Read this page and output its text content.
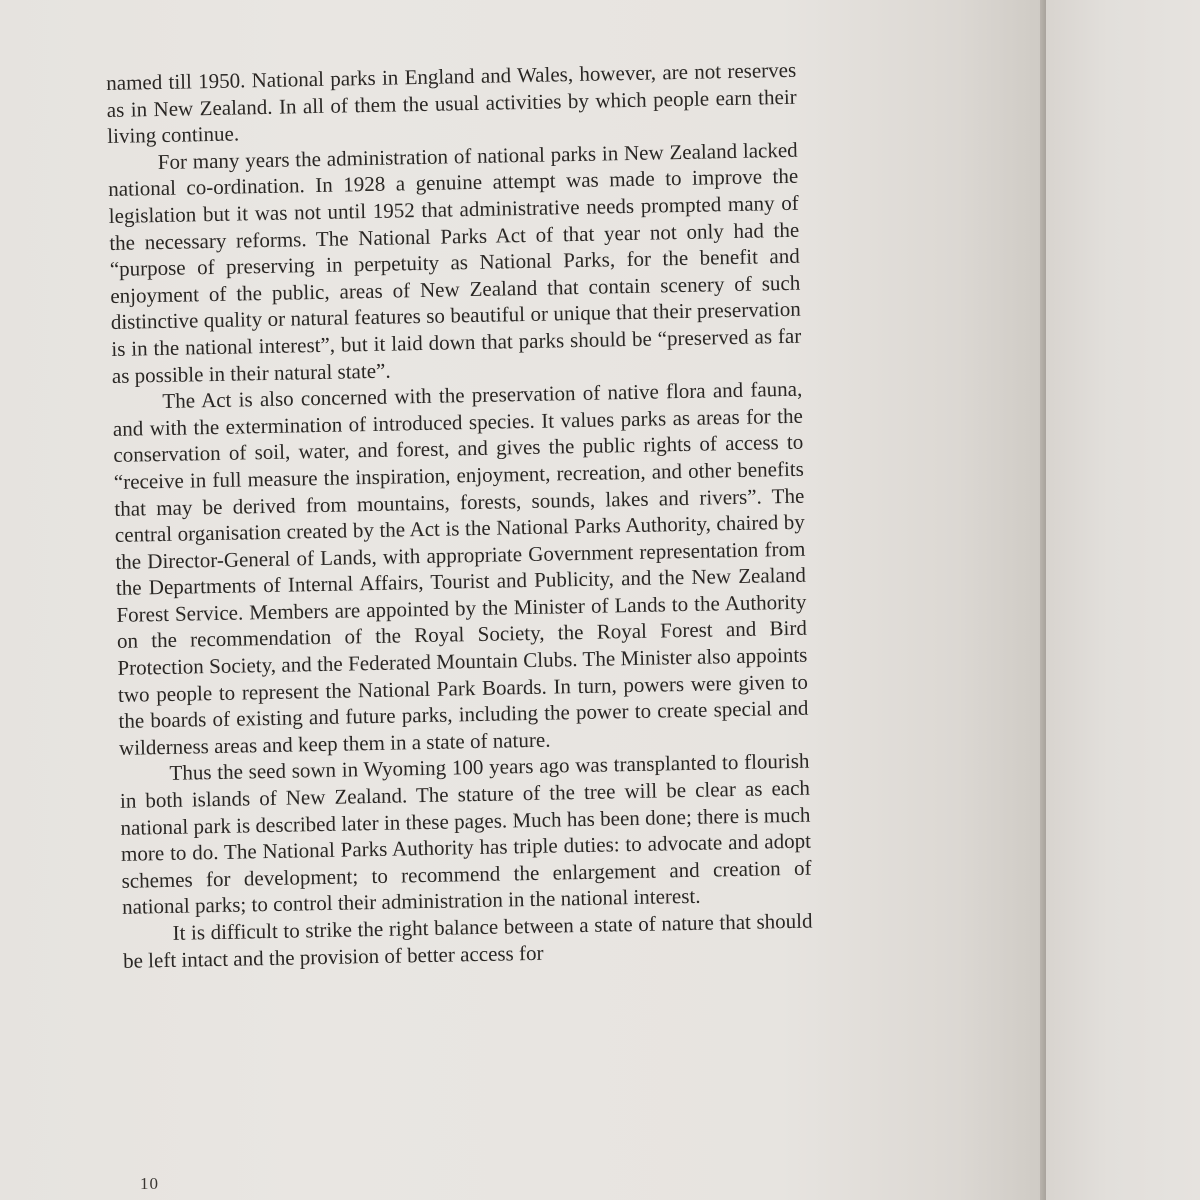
named till 1950. National parks in England and Wales, however, are not reserves as in New Zealand. In all of them the usual activities by which people earn their living continue.

For many years the administration of national parks in New Zealand lacked national co-ordination. In 1928 a genuine attempt was made to improve the legislation but it was not until 1952 that administrative needs prompted many of the necessary reforms. The National Parks Act of that year not only had the “purpose of preserving in perpetuity as National Parks, for the benefit and enjoyment of the public, areas of New Zealand that contain scenery of such distinctive quality or natural features so beautiful or unique that their preservation is in the national interest”, but it laid down that parks should be “preserved as far as possible in their natural state”.

The Act is also concerned with the preservation of native flora and fauna, and with the extermination of introduced species. It values parks as areas for the conservation of soil, water, and forest, and gives the public rights of access to “receive in full measure the inspiration, enjoyment, recreation, and other benefits that may be derived from mountains, forests, sounds, lakes and rivers”. The central organisation created by the Act is the National Parks Authority, chaired by the Director-General of Lands, with appropriate Government representation from the Departments of Internal Affairs, Tourist and Publicity, and the New Zealand Forest Service. Members are appointed by the Minister of Lands to the Authority on the recommendation of the Royal Society, the Royal Forest and Bird Protection Society, and the Federated Mountain Clubs. The Minister also appoints two people to represent the National Park Boards. In turn, powers were given to the boards of existing and future parks, including the power to create special and wilderness areas and keep them in a state of nature.

Thus the seed sown in Wyoming 100 years ago was transplanted to flourish in both islands of New Zealand. The stature of the tree will be clear as each national park is described later in these pages. Much has been done; there is much more to do. The National Parks Authority has triple duties: to advocate and adopt schemes for development; to recommend the enlargement and creation of national parks; to control their administration in the national interest.

It is difficult to strike the right balance between a state of nature that should be left intact and the provision of better access for

10
